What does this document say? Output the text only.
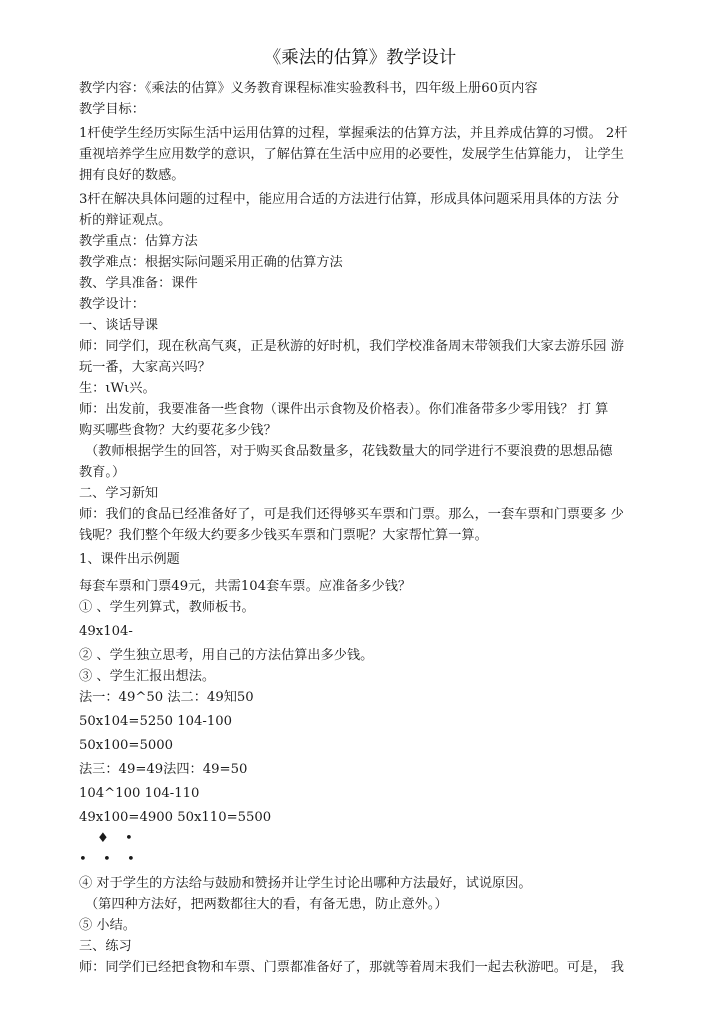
《乘法的估算》教学设计
教学内容：《乘法的估算》义务教育课程标准实验教科书，四年级上册60页内容
教学目标：
1杆使学生经历实际生活中运用估算的过程，掌握乘法的估算方法，并且养成估算的习惯。 2杆
重视培养学生应用数学的意识，了解估算在生活中应用的必要性，发展学生估算能力， 让学生
拥有良好的数感。
3杆在解决具体问题的过程中，能应用合适的方法进行估算，形成具体问题采用具体的方法 分
析的辩证观点。
教学重点：估算方法
教学难点：根据实际问题采用正确的估算方法
教、学具准备：课件
教学设计：
一、谈话导课
师：同学们，现在秋高气爽，正是秋游的好时机，我们学校准备周末带领我们大家去游乐园 游
玩一番，大家高兴吗？
生：ιWι兴。
师：出发前，我要准备一些食物（课件出示食物及价格表）。你们准备带多少零用钱？ 打 算
购买哪些食物？大约要花多少钱？
（教师根据学生的回答，对于购买食品数量多，花钱数量大的同学进行不要浪费的思想品德
教育。）
二、学习新知
师：我们的食品已经准备好了，可是我们还得够买车票和门票。那么，一套车票和门票要多 少
钱呢？我们整个年级大约要多少钱买车票和门票呢？大家帮忙算一算。
1、课件出示例题
每套车票和门票49元，共需104套车票。应准备多少钱？
① 、学生列算式，教师板书。
49x104-
② 、学生独立思考，用自己的方法估算出多少钱。
③ 、学生汇报出想法。
法一：49^50 法二：49知50
50x104=5250 104-100
50x100=5000
法三：49=49法四：49=50
104^100 104-110
49x100=4900 50x110=5500
♦ •
• • •
④ 对于学生的方法给与鼓励和赞扬并让学生讨论出哪种方法最好，试说原因。
（第四种方法好，把两数都往大的看，有备无患，防止意外。）
⑤ 小结。
三、练习
师：同学们已经把食物和车票、门票都准备好了，那就等着周末我们一起去秋游吧。可是， 我
